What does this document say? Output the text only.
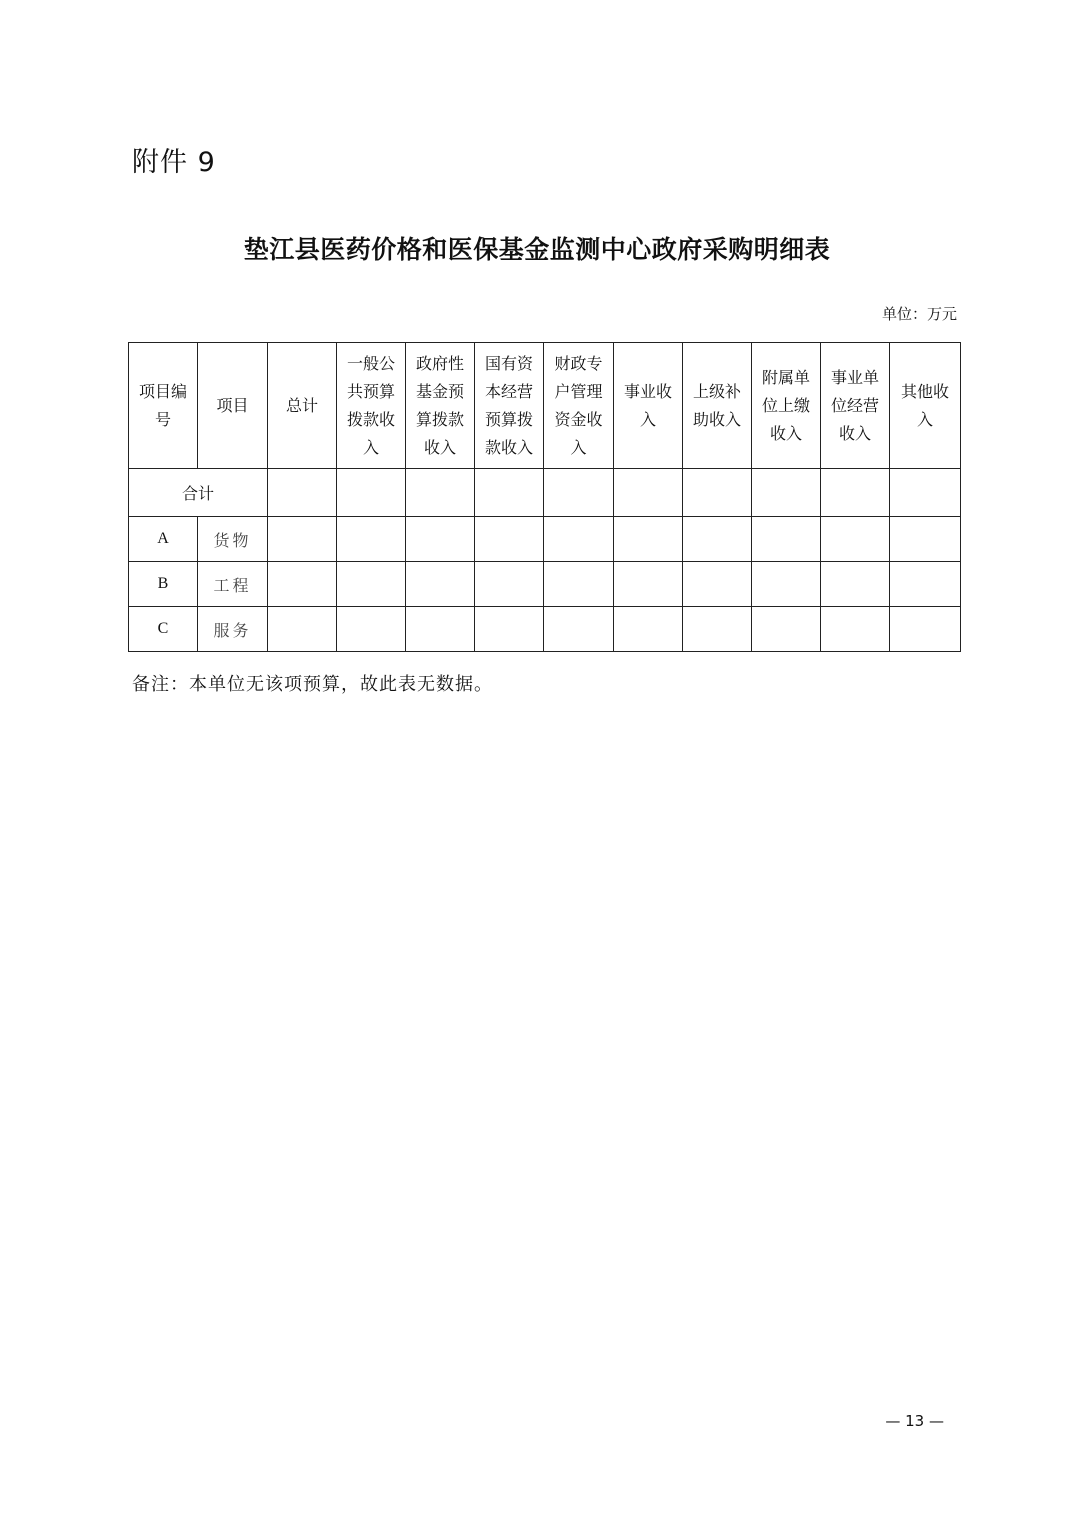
附件 9
垫江县医药价格和医保基金监测中心政府采购明细表
单位：万元
项目编号	项目	总计	一般公共预算拨款收入	政府性基金预算拨款收入	国有资本经营预算拨款收入	财政专户管理资金收入	事业收入	上级补助收入	附属单位上缴收入	事业单位经营收入	其他收入

合计											
A	货物										
B	工程										
C	服务										
备注：本单位无该项预算，故此表无数据。
— 13 —
